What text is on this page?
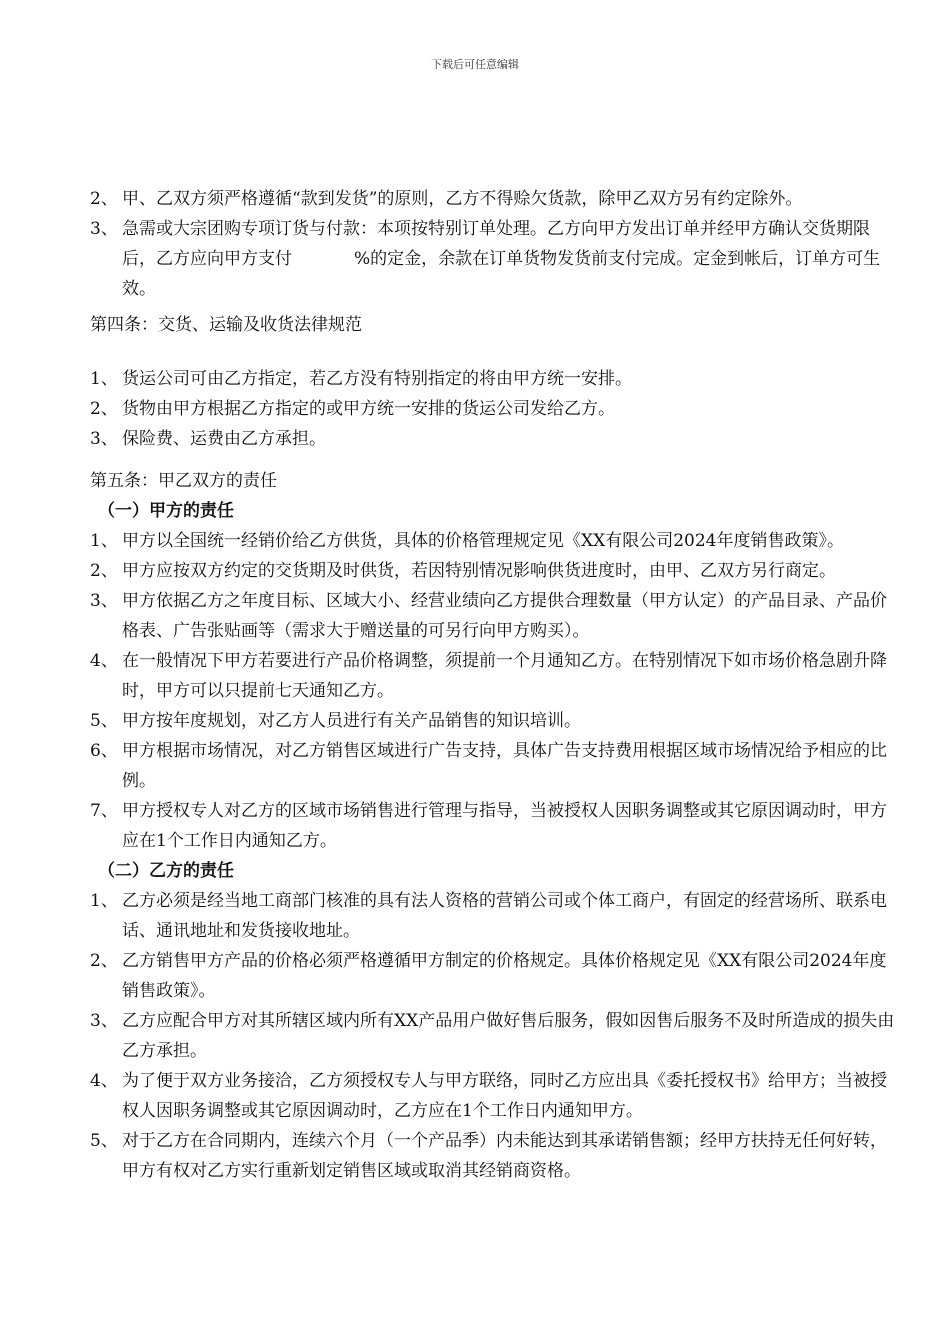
下载后可任意编辑
2、 甲、乙双方须严格遵循“款到发货”的原则，乙方不得赊欠货款，除甲乙双方另有约定除外。
3、 急需或大宗团购专项订货与付款：本项按特别订单处理。乙方向甲方发出订单并经甲方确认交货期限后，乙方应向甲方支付	%的定金，余款在订单货物发货前支付完成。定金到帐后，订单方可生效。
第四条：交货、运输及收货法律规范
1、 货运公司可由乙方指定，若乙方没有特别指定的将由甲方统一安排。
2、 货物由甲方根据乙方指定的或甲方统一安排的货运公司发给乙方。
3、 保险费、运费由乙方承担。
第五条：甲乙双方的责任
（一）甲方的责任
1、 甲方以全国统一经销价给乙方供货，具体的价格管理规定见《XX有限公司2024年度销售政策》。
2、 甲方应按双方约定的交货期及时供货，若因特别情况影响供货进度时，由甲、乙双方另行商定。
3、 甲方依据乙方之年度目标、区域大小、经营业绩向乙方提供合理数量（甲方认定）的产品目录、产品价格表、广告张贴画等（需求大于赠送量的可另行向甲方购买）。
4、 在一般情况下甲方若要进行产品价格调整，须提前一个月通知乙方。在特别情况下如市场价格急剧升降时，甲方可以只提前七天通知乙方。
5、 甲方按年度规划，对乙方人员进行有关产品销售的知识培训。
6、 甲方根据市场情况，对乙方销售区域进行广告支持，具体广告支持费用根据区域市场情况给予相应的比例。
7、 甲方授权专人对乙方的区域市场销售进行管理与指导，当被授权人因职务调整或其它原因调动时，甲方应在1个工作日内通知乙方。
（二）乙方的责任
1、 乙方必须是经当地工商部门核准的具有法人资格的营销公司或个体工商户，有固定的经营场所、联系电话、通讯地址和发货接收地址。
2、 乙方销售甲方产品的价格必须严格遵循甲方制定的价格规定。具体价格规定见《XX有限公司2024年度销售政策》。
3、 乙方应配合甲方对其所辖区域内所有XX产品用户做好售后服务，假如因售后服务不及时所造成的损失由乙方承担。
4、 为了便于双方业务接洽，乙方须授权专人与甲方联络，同时乙方应出具《委托授权书》给甲方；当被授权人因职务调整或其它原因调动时，乙方应在1个工作日内通知甲方。
5、 对于乙方在合同期内，连续六个月（一个产品季）内未能达到其承诺销售额；经甲方扶持无任何好转，甲方有权对乙方实行重新划定销售区域或取消其经销商资格。
